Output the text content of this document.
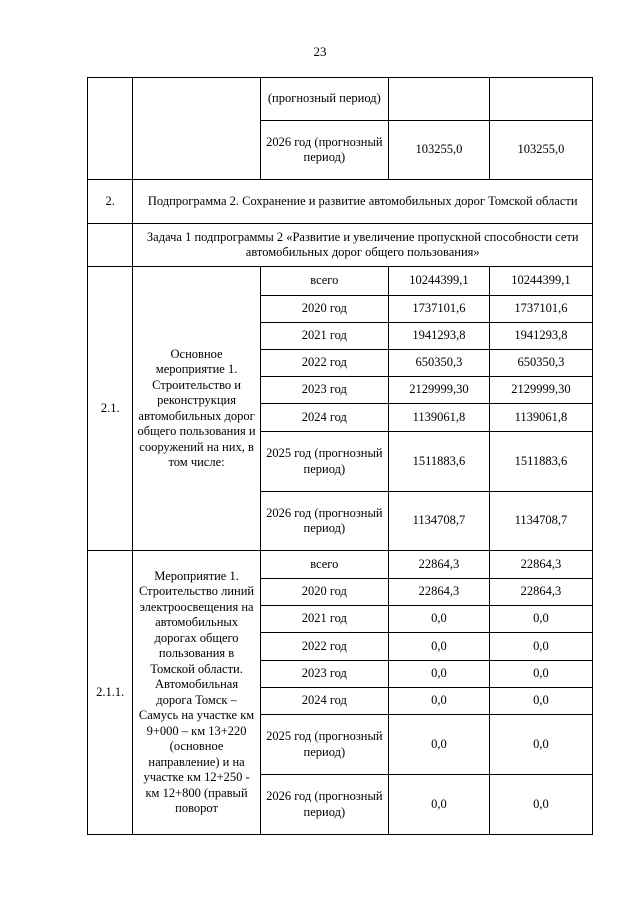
23
		(прогнозный период)		
		2026 год (прогнозный период)	103255,0	103255,0
2.	Подпрограмма 2. Сохранение и развитие автомобильных дорог Томской области			
	Задача 1 подпрограммы 2 «Развитие и увеличение пропускной способности сети автомобильных дорог общего пользования»			
2.1.	Основное мероприятие 1. Строительство и реконструкция автомобильных дорог общего пользования и сооружений на них, в том числе:	всего	10244399,1	10244399,1
		2020 год	1737101,6	1737101,6
		2021 год	1941293,8	1941293,8
		2022 год	650350,3	650350,3
		2023 год	2129999,30	2129999,30
		2024 год	1139061,8	1139061,8
		2025 год (прогнозный период)	1511883,6	1511883,6
		2026 год (прогнозный период)	1134708,7	1134708,7
2.1.1.	Мероприятие 1. Строительство линий электроосвещения на автомобильных дорогах общего пользования в Томской области. Автомобильная дорога Томск – Самусь на участке км 9+000 – км 13+220 (основное направление) и на участке км 12+250 - км 12+800 (правый поворот	всего	22864,3	22864,3
		2020 год	22864,3	22864,3
		2021 год	0,0	0,0
		2022 год	0,0	0,0
		2023 год	0,0	0,0
		2024 год	0,0	0,0
		2025 год (прогнозный период)	0,0	0,0
		2026 год (прогнозный период)	0,0	0,0
